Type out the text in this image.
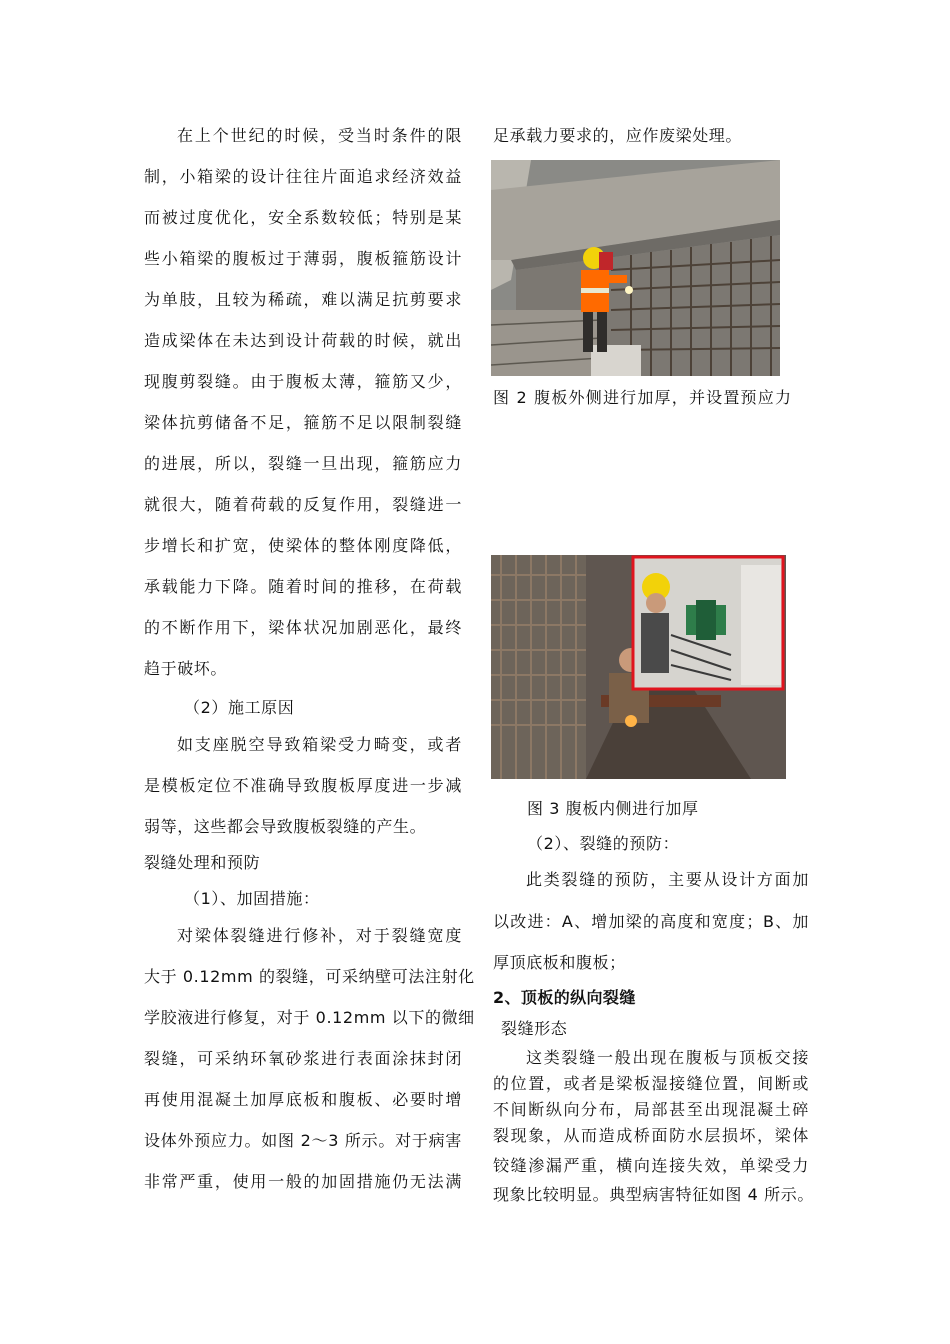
在上个世纪的时候，受当时条件的限
制，小箱梁的设计往往片面追求经济效益
而被过度优化，安全系数较低；特别是某
些小箱梁的腹板过于薄弱，腹板箍筋设计
为单肢，且较为稀疏，难以满足抗剪要求
造成梁体在未达到设计荷载的时候，就出
现腹剪裂缝。由于腹板太薄，箍筋又少，
梁体抗剪储备不足，箍筋不足以限制裂缝
的进展，所以，裂缝一旦出现，箍筋应力
就很大，随着荷载的反复作用，裂缝进一
步增长和扩宽，使梁体的整体刚度降低，
承载能力下降。随着时间的推移，在荷载
的不断作用下，梁体状况加剧恶化，最终
趋于破坏。
（2）施工原因
如支座脱空导致箱梁受力畸变，或者
是模板定位不准确导致腹板厚度进一步减
弱等，这些都会导致腹板裂缝的产生。
裂缝处理和预防
（1）、加固措施：
对梁体裂缝进行修补，对于裂缝宽度
大于 0.12mm 的裂缝，可采纳壁可法注射化
学胶液进行修复，对于 0.12mm 以下的微细
裂缝，可采纳环氧砂浆进行表面涂抹封闭
再使用混凝土加厚底板和腹板、必要时增
设体外预应力。如图 2～3 所示。对于病害
非常严重，使用一般的加固措施仍无法满
足承载力要求的，应作废梁处理。
图 2 腹板外侧进行加厚，并设置预应力
图 3 腹板内侧进行加厚
（2）、裂缝的预防：
此类裂缝的预防，主要从设计方面加
以改进：A、增加梁的高度和宽度；B、加
厚顶底板和腹板；
2、顶板的纵向裂缝
裂缝形态
这类裂缝一般出现在腹板与顶板交接
的位置，或者是梁板湿接缝位置，间断或
不间断纵向分布，局部甚至出现混凝土碎
裂现象，从而造成桥面防水层损坏，梁体
铰缝渗漏严重，横向连接失效，单梁受力
现象比较明显。典型病害特征如图 4 所示。
